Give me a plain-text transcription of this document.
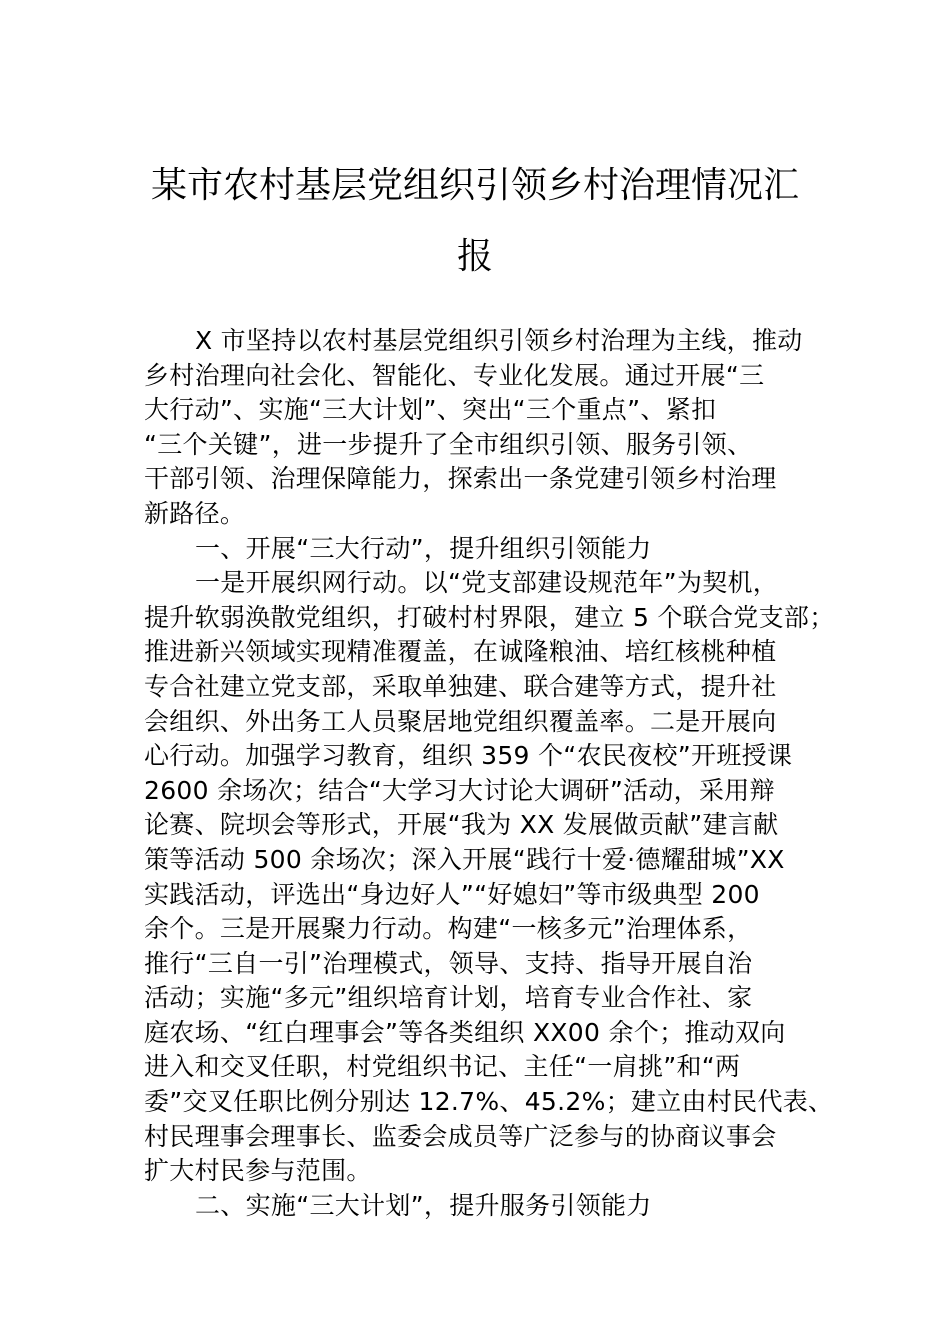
某市农村基层党组织引领乡村治理情况汇
报
X 市坚持以农村基层党组织引领乡村治理为主线，推动
乡村治理向社会化、智能化、专业化发展。通过开展“三
大行动”、实施“三大计划”、突出“三个重点”、紧扣
“三个关键”，进一步提升了全市组织引领、服务引领、
干部引领、治理保障能力，探索出一条党建引领乡村治理
新路径。
一、开展“三大行动”，提升组织引领能力
一是开展织网行动。以“党支部建设规范年”为契机，
提升软弱涣散党组织，打破村村界限，建立 5 个联合党支部；
推进新兴领域实现精准覆盖，在诚隆粮油、培红核桃种植
专合社建立党支部，采取单独建、联合建等方式，提升社
会组织、外出务工人员聚居地党组织覆盖率。二是开展向
心行动。加强学习教育，组织 359 个“农民夜校”开班授课
2600 余场次；结合“大学习大讨论大调研”活动，采用辩
论赛、院坝会等形式，开展“我为 XX 发展做贡献”建言献
策等活动 500 余场次；深入开展“践行十爱·德耀甜城”XX
实践活动，评选出“身边好人”“好媳妇”等市级典型 200
余个。三是开展聚力行动。构建“一核多元”治理体系，
推行“三自一引”治理模式，领导、支持、指导开展自治
活动；实施“多元”组织培育计划，培育专业合作社、家
庭农场、“红白理事会”等各类组织 XX00 余个；推动双向
进入和交叉任职，村党组织书记、主任“一肩挑”和“两
委”交叉任职比例分别达 12.7%、45.2%；建立由村民代表、
村民理事会理事长、监委会成员等广泛参与的协商议事会
扩大村民参与范围。
二、实施“三大计划”，提升服务引领能力
